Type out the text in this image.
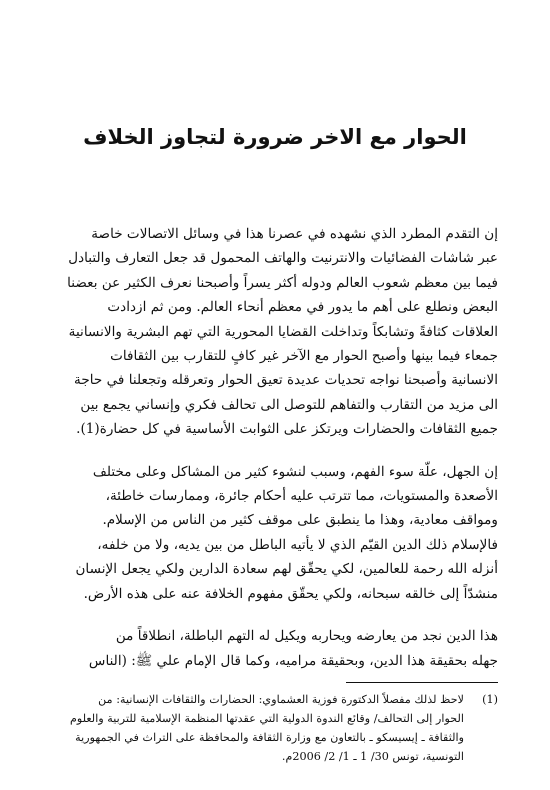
الحوار مع الاخر ضرورة لتجاوز الخلاف

إن التقدم المطرد الذي نشهده في عصرنا هذا في وسائل الاتصالات خاصة
عبر شاشات الفضائيات والانترنيت والهاتف المحمول قد جعل التعارف والتبادل
فيما بين معظم شعوب العالم ودوله أكثر يسراً وأصبحنا نعرف الكثير عن بعضنا
البعض ونطلع على أهم ما يدور في معظم أنحاء العالم. ومن ثم ازدادت
العلاقات كثافةً وتشابكاً وتداخلت القضايا المحورية التي تهم البشرية والانسانية
جمعاء فيما بينها وأصبح الحوار مع الآخر غير كافٍ للتقارب بين الثقافات
الانسانية وأصبحنا نواجه تحديات عديدة تعيق الحوار وتعرقله وتجعلنا في حاجة
الى مزيد من التقارب والتفاهم للتوصل الى تحالف فكري وإنساني يجمع بين
جميع الثقافات والحضارات ويرتكز على الثوابت الأساسية في كل حضارة(1).

إن الجهل، علّة سوء الفهم، وسبب لنشوء كثير من المشاكل وعلى مختلف
الأصعدة والمستويات، مما تترتب عليه أحكام جائرة، وممارسات خاطئة،
ومواقف معادية، وهذا ما ينطبق على موقف كثير من الناس من الإسلام.
فالإسلام ذلك الدين القيّم الذي لا يأتيه الباطل من بين يديه، ولا من خلفه،
أنزله الله رحمة للعالمين، لكي يحقّق لهم سعادة الدارين ولكي يجعل الإنسان
منشدّاً إلى خالقه سبحانه، ولكي يحقّق مفهوم الخلافة عنه على هذه الأرض.

هذا الدين نجد من يعارضه ويحاربه ويكيل له التهم الباطلة، انطلاقاً من
جهله بحقيقة هذا الدين، وبحقيقة مراميه، وكما قال الإمام علي ﷺ: (الناس

(1)
لاحظ لذلك مفصلاً الدكتورة فوزية العشماوي: الحضارات والثقافات الإنسانية: من
الحوار إلى التحالف/ وقائع الندوة الدولية التي عقدتها المنظمة الإسلامية للتربية والعلوم
والثقافة ـ إيسيسكو ـ بالتعاون مع وزارة الثقافة والمحافظة على التراث في الجمهورية
التونسية، تونس 30/ 1 ـ 1/ 2/ 2006م.
